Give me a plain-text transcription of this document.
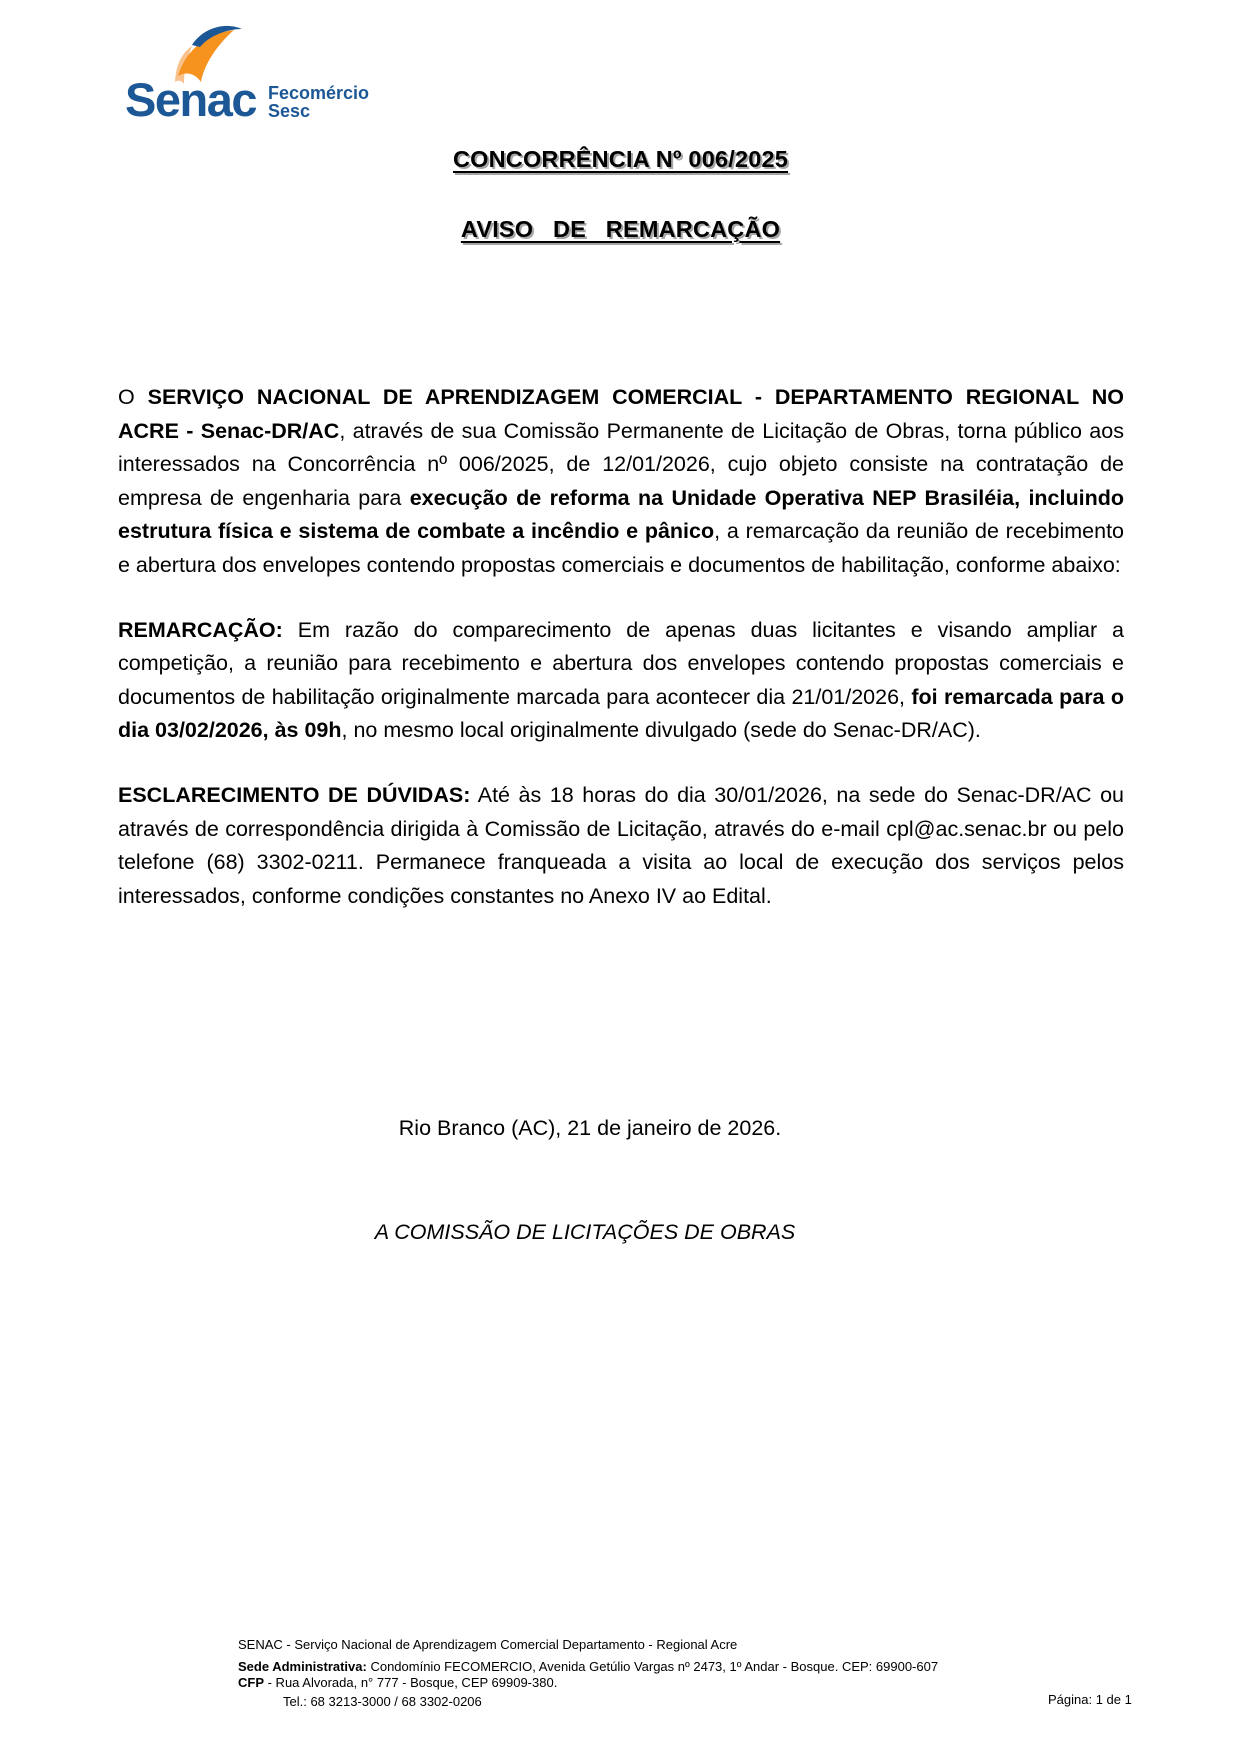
Senac Fecomércio
Sesc
CONCORRÊNCIA Nº 006/2025
AVISO DE REMARCAÇÃO

O SERVIÇO NACIONAL DE APRENDIZAGEM COMERCIAL - DEPARTAMENTO REGIONAL NO ACRE - Senac-DR/AC, através de sua Comissão Permanente de Licitação de Obras, torna público aos interessados na Concorrência nº 006/2025, de 12/01/2026, cujo objeto consiste na contratação de empresa de engenharia para execução de reforma na Unidade Operativa NEP Brasiléia, incluindo estrutura física e sistema de combate a incêndio e pânico, a remarcação da reunião de recebimento e abertura dos envelopes contendo propostas comerciais e documentos de habilitação, conforme abaixo:

REMARCAÇÃO: Em razão do comparecimento de apenas duas licitantes e visando ampliar a competição, a reunião para recebimento e abertura dos envelopes contendo propostas comerciais e documentos de habilitação originalmente marcada para acontecer dia 21/01/2026, foi remarcada para o dia 03/02/2026, às 09h, no mesmo local originalmente divulgado (sede do Senac-DR/AC).

ESCLARECIMENTO DE DÚVIDAS: Até às 18 horas do dia 30/01/2026, na sede do Senac-DR/AC ou através de correspondência dirigida à Comissão de Licitação, através do e-mail cpl@ac.senac.br ou pelo telefone (68) 3302-0211. Permanece franqueada a visita ao local de execução dos serviços pelos interessados, conforme condições constantes no Anexo IV ao Edital.

Rio Branco (AC), 21 de janeiro de 2026.
A COMISSÃO DE LICITAÇÕES DE OBRAS
SENAC - Serviço Nacional de Aprendizagem Comercial Departamento - Regional Acre
Sede Administrativa: Condomínio FECOMERCIO, Avenida Getúlio Vargas nº 2473, 1º Andar - Bosque. CEP: 69900-607
CFP - Rua Alvorada, n° 777 - Bosque, CEP 69909-380.
Tel.: 68 3213-3000 / 68 3302-0206	Página: 1 de 1
